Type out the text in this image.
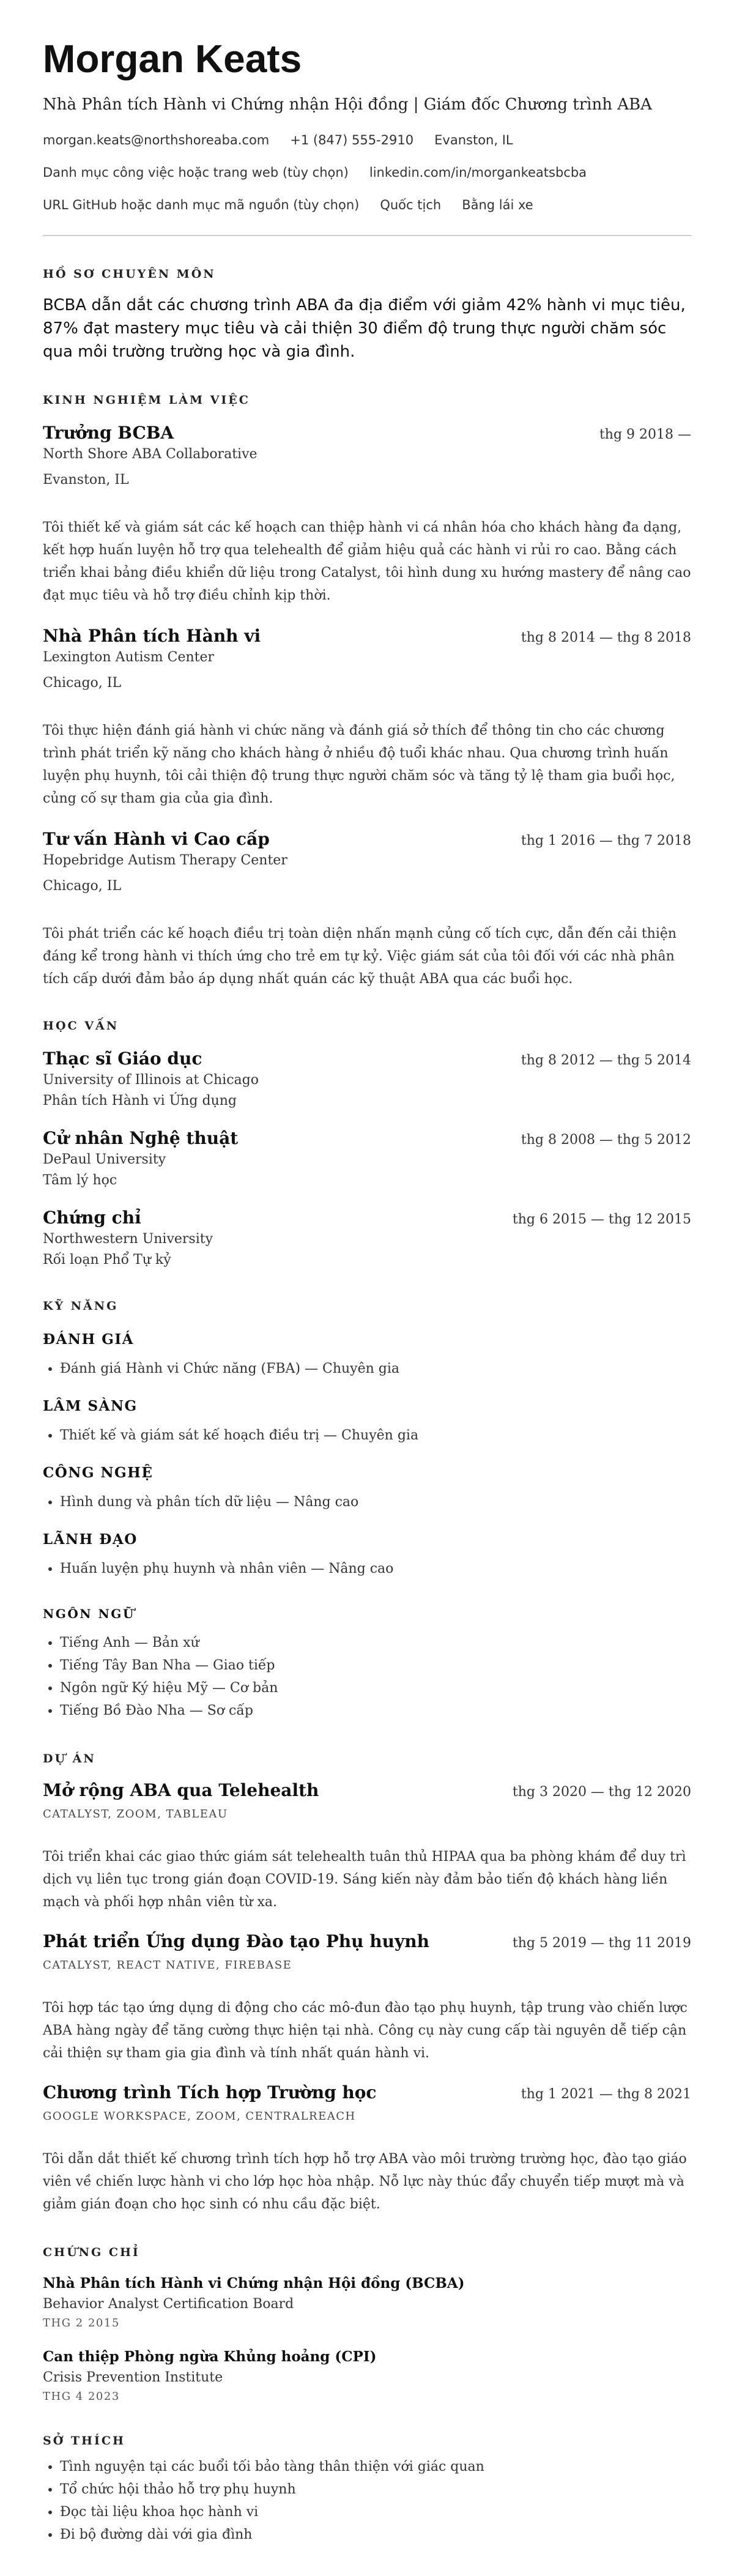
Morgan Keats
Nhà Phân tích Hành vi Chứng nhận Hội đồng | Giám đốc Chương trình ABA
morgan.keats@northshoreaba.com +1 (847) 555-2910 Evanston, IL
Danh mục công việc hoặc trang web (tùy chọn) linkedin.com/in/morgankeatsbcba
URL GitHub hoặc danh mục mã nguồn (tùy chọn) Quốc tịch Bằng lái xe
HỒ SƠ CHUYÊN MÔN
BCBA dẫn dắt các chương trình ABA đa địa điểm với giảm 42% hành vi mục tiêu, 87% đạt mastery mục tiêu và cải thiện 30 điểm độ trung thực người chăm sóc qua môi trường trường học và gia đình.
KINH NGHIỆM LÀM VIỆC
Trưởng BCBA	thg 9 2018 —
North Shore ABA Collaborative
Evanston, IL
Tôi thiết kế và giám sát các kế hoạch can thiệp hành vi cá nhân hóa cho khách hàng đa dạng, kết hợp huấn luyện hỗ trợ qua telehealth để giảm hiệu quả các hành vi rủi ro cao. Bằng cách triển khai bảng điều khiển dữ liệu trong Catalyst, tôi hình dung xu hướng mastery để nâng cao đạt mục tiêu và hỗ trợ điều chỉnh kịp thời.
Nhà Phân tích Hành vi	thg 8 2014 — thg 8 2018
Lexington Autism Center
Chicago, IL
Tôi thực hiện đánh giá hành vi chức năng và đánh giá sở thích để thông tin cho các chương trình phát triển kỹ năng cho khách hàng ở nhiều độ tuổi khác nhau. Qua chương trình huấn luyện phụ huynh, tôi cải thiện độ trung thực người chăm sóc và tăng tỷ lệ tham gia buổi học, củng cố sự tham gia của gia đình.
Tư vấn Hành vi Cao cấp	thg 1 2016 — thg 7 2018
Hopebridge Autism Therapy Center
Chicago, IL
Tôi phát triển các kế hoạch điều trị toàn diện nhấn mạnh củng cố tích cực, dẫn đến cải thiện đáng kể trong hành vi thích ứng cho trẻ em tự kỷ. Việc giám sát của tôi đối với các nhà phân tích cấp dưới đảm bảo áp dụng nhất quán các kỹ thuật ABA qua các buổi học.
HỌC VẤN
Thạc sĩ Giáo dục	thg 8 2012 — thg 5 2014
University of Illinois at Chicago
Phân tích Hành vi Ứng dụng
Cử nhân Nghệ thuật	thg 8 2008 — thg 5 2012
DePaul University
Tâm lý học
Chứng chỉ	thg 6 2015 — thg 12 2015
Northwestern University
Rối loạn Phổ Tự kỷ
KỸ NĂNG
ĐÁNH GIÁ
• Đánh giá Hành vi Chức năng (FBA) — Chuyên gia
LÂM SÀNG
• Thiết kế và giám sát kế hoạch điều trị — Chuyên gia
CÔNG NGHỆ
• Hình dung và phân tích dữ liệu — Nâng cao
LÃNH ĐẠO
• Huấn luyện phụ huynh và nhân viên — Nâng cao
NGÔN NGỮ
• Tiếng Anh — Bản xứ
• Tiếng Tây Ban Nha — Giao tiếp
• Ngôn ngữ Ký hiệu Mỹ — Cơ bản
• Tiếng Bồ Đào Nha — Sơ cấp
DỰ ÁN
Mở rộng ABA qua Telehealth	thg 3 2020 — thg 12 2020
CATALYST, ZOOM, TABLEAU
Tôi triển khai các giao thức giám sát telehealth tuân thủ HIPAA qua ba phòng khám để duy trì dịch vụ liên tục trong gián đoạn COVID-19. Sáng kiến này đảm bảo tiến độ khách hàng liền mạch và phối hợp nhân viên từ xa.
Phát triển Ứng dụng Đào tạo Phụ huynh	thg 5 2019 — thg 11 2019
CATALYST, REACT NATIVE, FIREBASE
Tôi hợp tác tạo ứng dụng di động cho các mô-đun đào tạo phụ huynh, tập trung vào chiến lược ABA hàng ngày để tăng cường thực hiện tại nhà. Công cụ này cung cấp tài nguyên dễ tiếp cận cải thiện sự tham gia gia đình và tính nhất quán hành vi.
Chương trình Tích hợp Trường học	thg 1 2021 — thg 8 2021
GOOGLE WORKSPACE, ZOOM, CENTRALREACH
Tôi dẫn dắt thiết kế chương trình tích hợp hỗ trợ ABA vào môi trường trường học, đào tạo giáo viên về chiến lược hành vi cho lớp học hòa nhập. Nỗ lực này thúc đẩy chuyển tiếp mượt mà và giảm gián đoạn cho học sinh có nhu cầu đặc biệt.
CHỨNG CHỈ
Nhà Phân tích Hành vi Chứng nhận Hội đồng (BCBA)
Behavior Analyst Certification Board
THG 2 2015
Can thiệp Phòng ngừa Khủng hoảng (CPI)
Crisis Prevention Institute
THG 4 2023
SỞ THÍCH
• Tình nguyện tại các buổi tối bảo tàng thân thiện với giác quan
• Tổ chức hội thảo hỗ trợ phụ huynh
• Đọc tài liệu khoa học hành vi
• Đi bộ đường dài với gia đình
